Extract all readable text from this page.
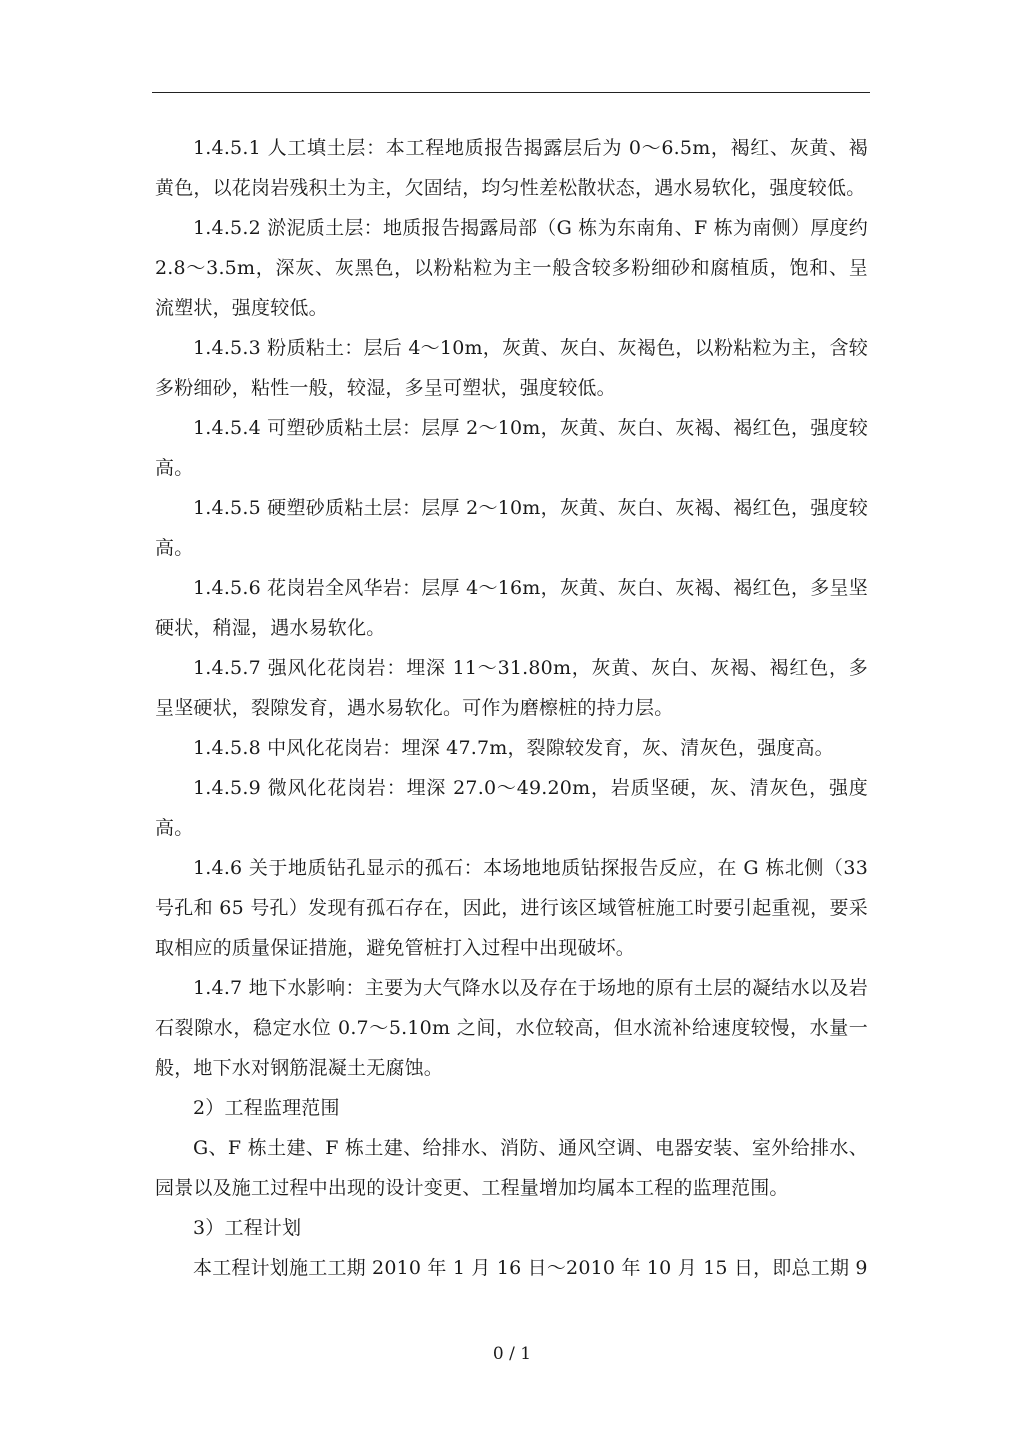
1.4.5.1 人工填土层：本工程地质报告揭露层后为 0～6.5m，褐红、灰黄、褐黄色，以花岗岩残积土为主，欠固结，均匀性差松散状态，遇水易软化，强度较低。

1.4.5.2 淤泥质土层：地质报告揭露局部（G 栋为东南角、F 栋为南侧）厚度约 2.8～3.5m，深灰、灰黑色，以粉粘粒为主一般含较多粉细砂和腐植质，饱和、呈流塑状，强度较低。

1.4.5.3 粉质粘土：层后 4～10m，灰黄、灰白、灰褐色，以粉粘粒为主，含较多粉细砂，粘性一般，较湿，多呈可塑状，强度较低。

1.4.5.4 可塑砂质粘土层：层厚 2～10m，灰黄、灰白、灰褐、褐红色，强度较高。

1.4.5.5 硬塑砂质粘土层：层厚 2～10m，灰黄、灰白、灰褐、褐红色，强度较高。

1.4.5.6 花岗岩全风华岩：层厚 4～16m，灰黄、灰白、灰褐、褐红色，多呈坚硬状，稍湿，遇水易软化。

1.4.5.7 强风化花岗岩：埋深 11～31.80m，灰黄、灰白、灰褐、褐红色，多呈坚硬状，裂隙发育，遇水易软化。可作为磨檫桩的持力层。

1.4.5.8 中风化花岗岩：埋深 47.7m，裂隙较发育，灰、清灰色，强度高。

1.4.5.9 微风化花岗岩：埋深 27.0～49.20m，岩质坚硬，灰、清灰色，强度高。

1.4.6 关于地质钻孔显示的孤石：本场地地质钻探报告反应，在 G 栋北侧（33 号孔和 65 号孔）发现有孤石存在，因此，进行该区域管桩施工时要引起重视，要采取相应的质量保证措施，避免管桩打入过程中出现破坏。

1.4.7 地下水影响：主要为大气降水以及存在于场地的原有土层的凝结水以及岩石裂隙水，稳定水位 0.7～5.10m 之间，水位较高，但水流补给速度较慢，水量一般，地下水对钢筋混凝土无腐蚀。

2）工程监理范围

G、F 栋土建、F 栋土建、给排水、消防、通风空调、电器安装、室外给排水、园景以及施工过程中出现的设计变更、工程量增加均属本工程的监理范围。

3）工程计划

本工程计划施工工期 2010 年 1 月 16 日～2010 年 10 月 15 日，即总工期 9

0 / 1
